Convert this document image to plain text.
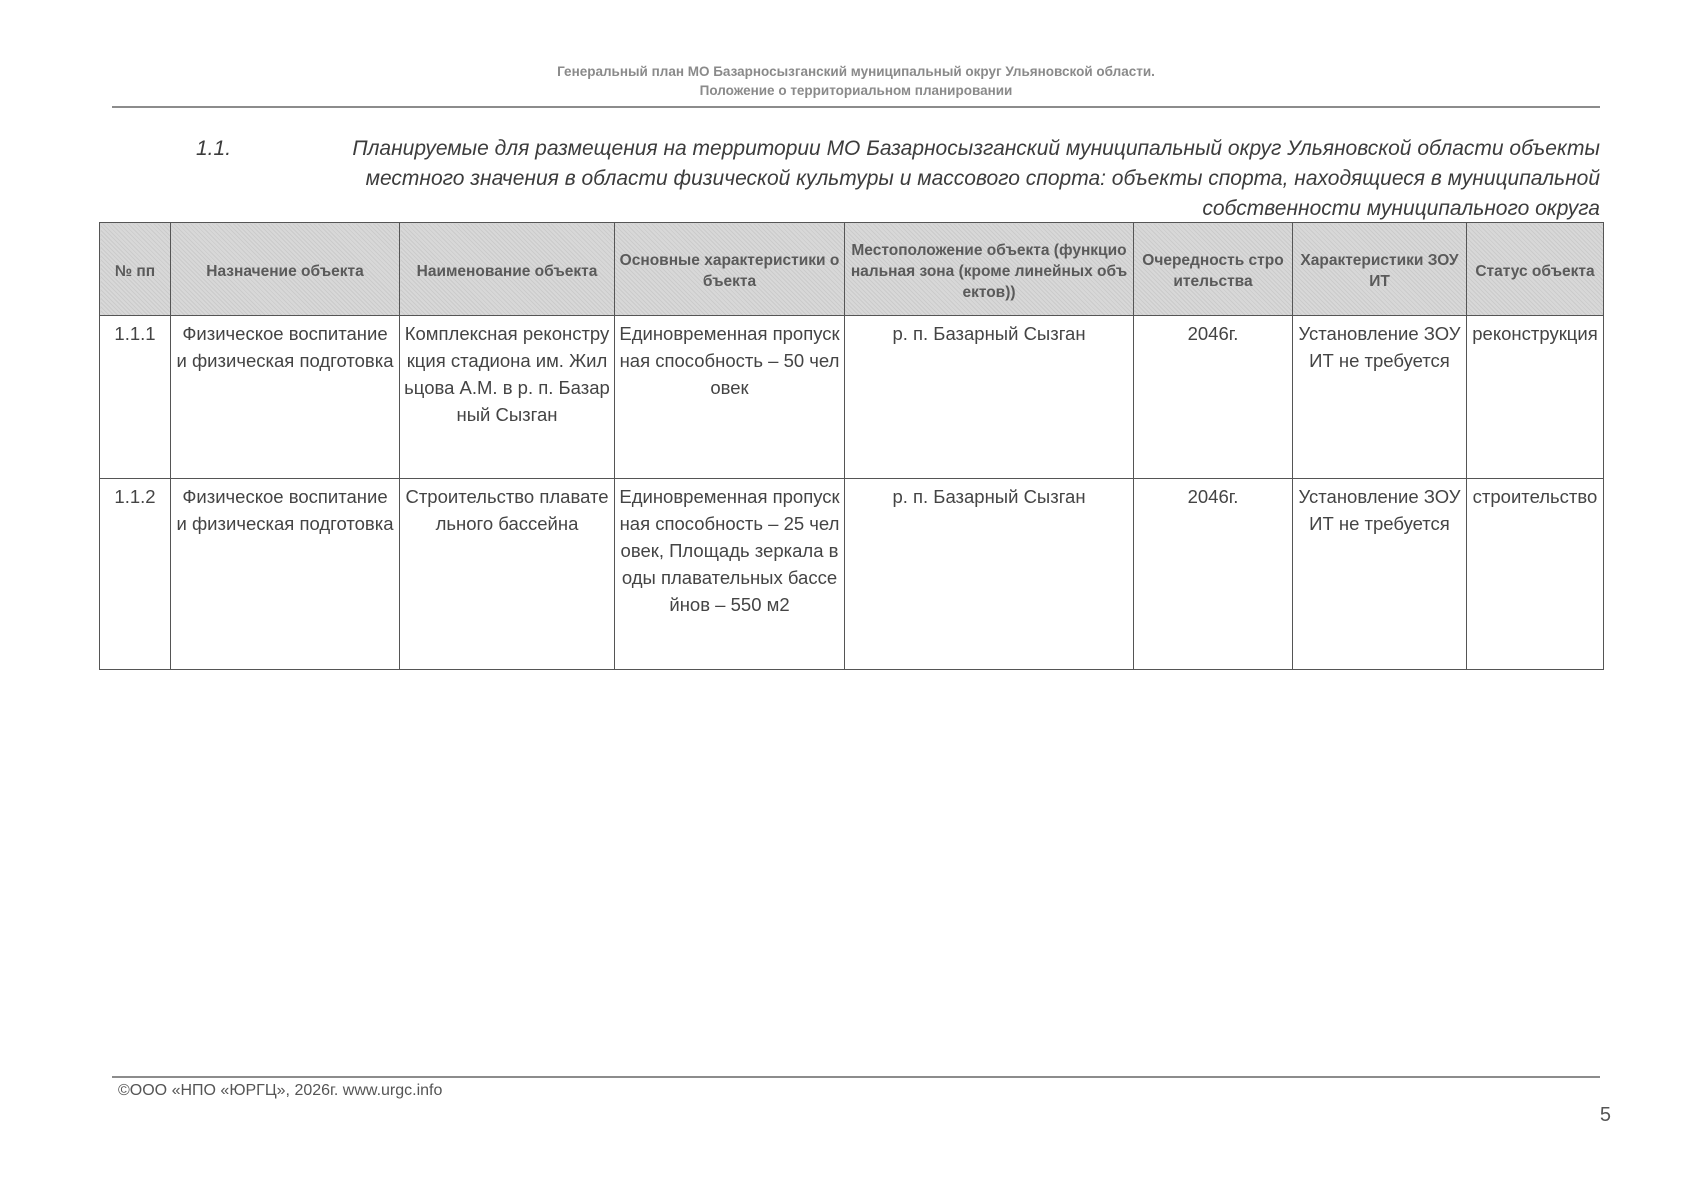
Генеральный план МО Базарносызганский муниципальный округ Ульяновской области.
Положение о территориальном планировании
1.1.	Планируемые для размещения на территории МО Базарносызганский муниципальный округ Ульяновской области объекты местного значения в области физической культуры и массового спорта: объекты спорта, находящиеся в муниципальной собственности муниципального округа
№ пп	Назначение объекта	Наименование объекта	Основные характеристики объекта	Местоположение объекта (функциональная зона (кроме линейных объектов))	Очередность строительства	Характеристики ЗОУИТ	Статус объекта
1.1.1	Физическое воспитание и физическая подготовка	Комплексная реконструкция стадиона им. Жильцова А.М. в р. п. Базарный Сызган	Единовременная пропускная способность – 50 человек	р. п. Базарный Сызган	2046г.	Установление ЗОУИТ не требуется	реконструкция
1.1.2	Физическое воспитание и физическая подготовка	Строительство плавательного бассейна	Единовременная пропускная способность – 25 человек, Площадь зеркала воды плавательных бассейнов – 550 м2	р. п. Базарный Сызган	2046г.	Установление ЗОУИТ не требуется	строительство
©ООО «НПО «ЮРГЦ», 2026г. www.urgc.info
5
